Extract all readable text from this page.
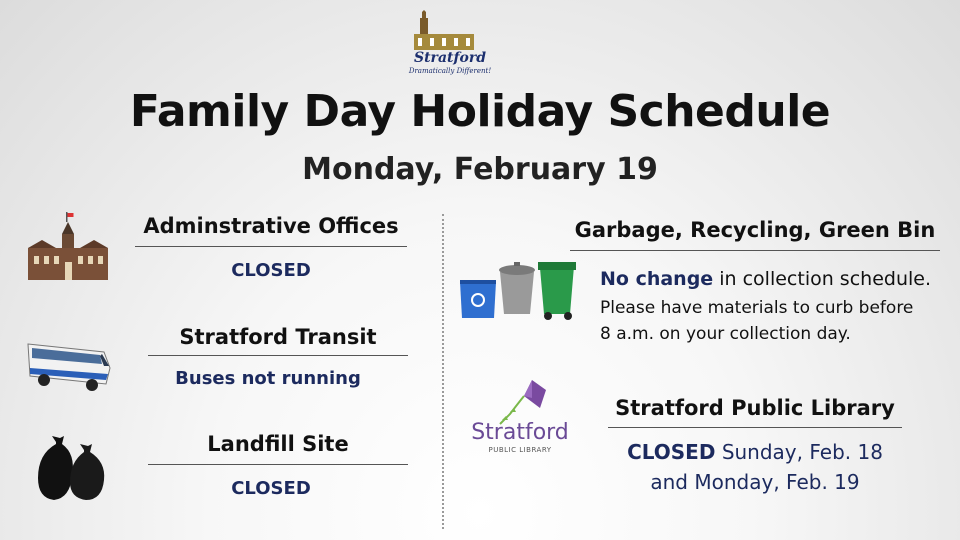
Stratford
Dramatically Different!
Family Day Holiday Schedule
Monday, February 19
Adminstrative Offices
CLOSED
Stratford Transit
Buses not running
Landfill Site
CLOSED
Garbage, Recycling, Green Bin
No change in collection schedule.
Please have materials to curb before
8 a.m. on your collection day.
Stratford
PUBLIC LIBRARY
Stratford Public Library
CLOSED Sunday, Feb. 18
and Monday, Feb. 19
